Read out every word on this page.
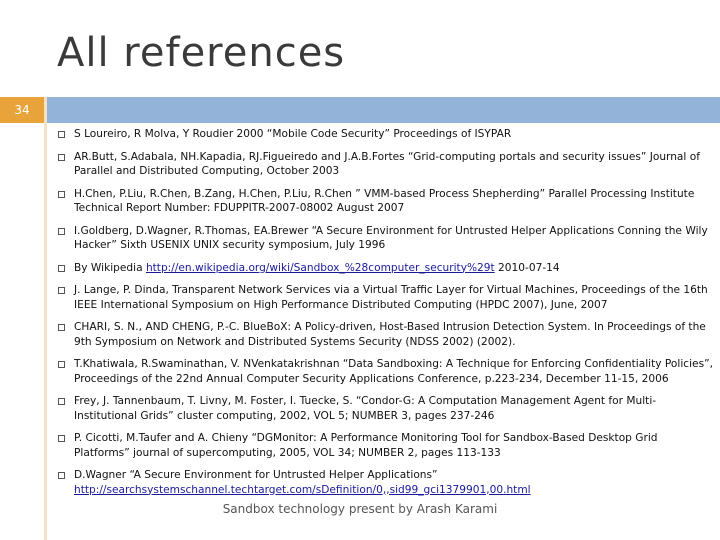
All references
34
S Loureiro, R Molva, Y Roudier 2000 “Mobile Code Security” Proceedings of ISYPAR
AR.Butt, S.Adabala, NH.Kapadia, RJ.Figueiredo and J.A.B.Fortes “Grid-computing portals and security issues” Journal of Parallel and Distributed Computing, October 2003
H.Chen, P.Liu, R.Chen, B.Zang, H.Chen, P.Liu, R.Chen ” VMM-based Process Shepherding” Parallel Processing Institute Technical Report Number: FDUPPITR-2007-08002 August 2007
I.Goldberg, D.Wagner, R.Thomas, EA.Brewer “A Secure Environment for Untrusted Helper Applications Conning the Wily Hacker” Sixth USENIX UNIX security symposium, July 1996
By Wikipedia http://en.wikipedia.org/wiki/Sandbox_%28computer_security%29t 2010-07-14
J. Lange, P. Dinda, Transparent Network Services via a Virtual Traffic Layer for Virtual Machines, Proceedings of the 16th IEEE International Symposium on High Performance Distributed Computing (HPDC 2007), June, 2007
CHARI, S. N., AND CHENG, P.-C. BlueBoX: A Policy-driven, Host-Based Intrusion Detection System. In Proceedings of the 9th Symposium on Network and Distributed Systems Security (NDSS 2002) (2002).
T.Khatiwala, R.Swaminathan, V. NVenkatakrishnan “Data Sandboxing: A Technique for Enforcing Confidentiality Policies”, Proceedings of the 22nd Annual Computer Security Applications Conference, p.223-234, December 11-15, 2006
Frey, J. Tannenbaum, T. Livny, M. Foster, I. Tuecke, S. “Condor-G: A Computation Management Agent for Multi-Institutional Grids” cluster computing, 2002, VOL 5; NUMBER 3, pages 237-246
P. Cicotti, M.Taufer and A. Chieny “DGMonitor: A Performance Monitoring Tool for Sandbox-Based Desktop Grid Platforms” journal of supercomputing, 2005, VOL 34; NUMBER 2, pages 113-133
D.Wagner “A Secure Environment for Untrusted Helper Applications”
http://searchsystemschannel.techtarget.com/sDefinition/0,,sid99_gci1379901,00.html
Sandbox technology present by Arash Karami
